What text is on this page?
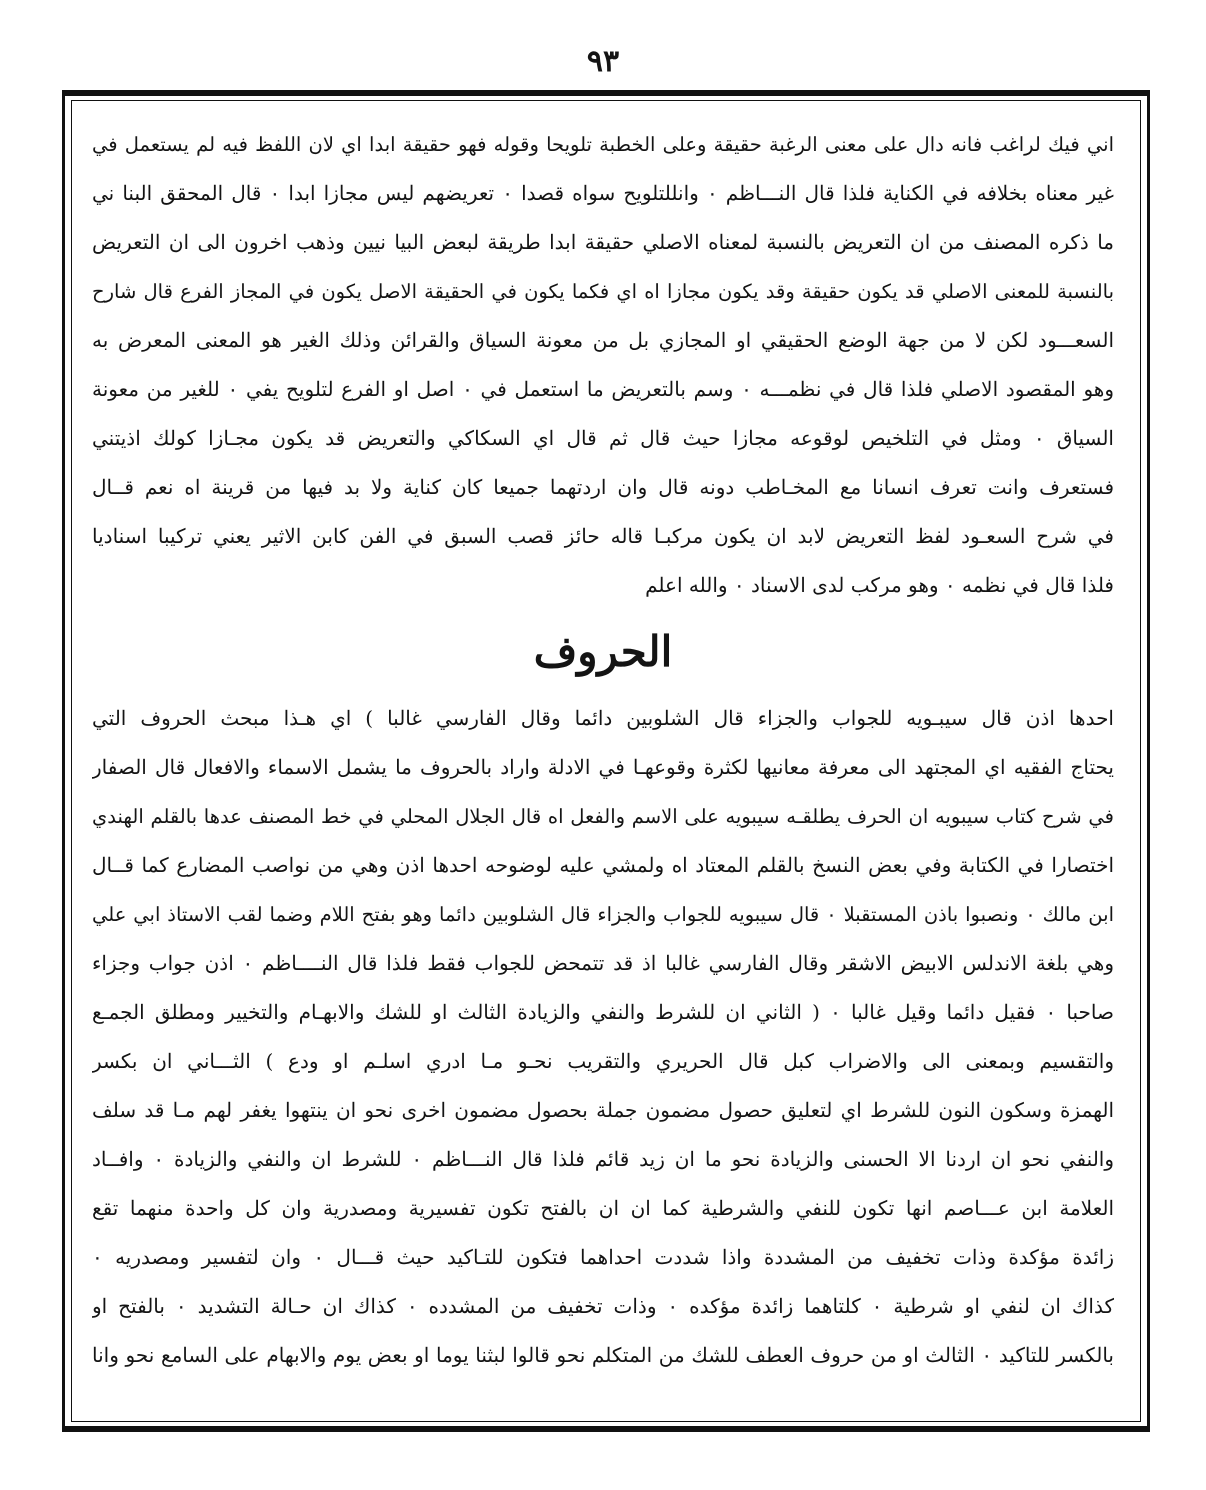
٩٣
اني فيك لراغب فانه دال على معنى الرغبة حقيقة وعلى الخطبة تلويحا وقوله فهو حقيقة ابدا اي لان اللفظ فيه لم يستعمل في
غير معناه بخلافه في الكناية فلذا قال النـــاظم ٠ وانللتلويح سواه قصدا ٠ تعريضهم ليس مجازا ابدا ٠ قال المحقق البنا ني
ما ذكره المصنف من ان التعريض بالنسبة لمعناه الاصلي حقيقة ابدا طريقة لبعض البيا نيين وذهب اخرون الى ان التعريض
بالنسبة للمعنى الاصلي قد يكون حقيقة وقد يكون مجازا اه اي فكما يكون في الحقيقة الاصل يكون في المجاز الفرع قال شارح
السعـــود لكن لا من جهة الوضع الحقيقي او المجازي بل من معونة السياق والقرائن وذلك الغير هو المعنى المعرض به
وهو المقصود الاصلي فلذا قال في نظمـــه ٠ وسم بالتعريض ما استعمل في ٠ اصل او الفرع لتلويح يفي ٠ للغير من معونة
السياق ٠ ومثل في التلخيص لوقوعه مجازا حيث قال ثم قال اي السكاكي والتعريض قد يكون مجـازا كولك اذيتني
فستعرف وانت تعرف انسانا مع المخـاطب دونه قال وان اردتهما جميعا كان كناية ولا بد فيها من قرينة اه نعم قــال
في شرح السعـود لفظ التعريض لابد ان يكون مركبـا قاله حائز قصب السبق في الفن كابن الاثير يعني تركيبا اسناديا
فلذا قال في نظمه ٠ وهو مركب لدى الاسناد ٠ والله اعلم
الحروف
احدها اذن قال سيبـويه للجواب والجزاء قال الشلوبين دائما وقال الفارسي غالبا ) اي هـذا مبحث الحروف التي
يحتاج الفقيه اي المجتهد الى معرفة معانيها لكثرة وقوعهـا في الادلة واراد بالحروف ما يشمل الاسماء والافعال قال الصفار
في شرح كتاب سيبويه ان الحرف يطلقـه سيبويه على الاسم والفعل اه قال الجلال المحلي في خط المصنف عدها بالقلم الهندي
اختصارا في الكتابة وفي بعض النسخ بالقلم المعتاد اه ولمشي عليه لوضوحه احدها اذن وهي من نواصب المضارع كما قــال
ابن مالك ٠ ونصبوا باذن المستقبلا ٠ قال سيبويه للجواب والجزاء قال الشلوبين دائما وهو بفتح اللام وضما لقب الاستاذ ابي علي
وهي بلغة الاندلس الابيض الاشقر وقال الفارسي غالبا اذ قد تتمحض للجواب فقط فلذا قال النــــاظم ٠ اذن جواب وجزاء
صاحبا ٠ فقيل دائما وقيل غالبا ٠ ( الثاني ان للشرط والنفي والزيادة الثالث او للشك والابهـام والتخيير ومطلق الجمـع
والتقسيم وبمعنى الى والاضراب كبل قال الحريري والتقريب نحـو مـا ادري اسلـم او ودع ) الثـــاني ان بكسر
الهمزة وسكون النون للشرط اي لتعليق حصول مضمون جملة بحصول مضمون اخرى نحو ان ينتهوا يغفر لهم مـا قد سلف
والنفي نحو ان اردنا الا الحسنى والزيادة نحو ما ان زيد قائم فلذا قال النـــاظم ٠ للشرط ان والنفي والزيادة ٠ وافــاد
العلامة ابن عـــاصم انها تكون للنفي والشرطية كما ان ان بالفتح تكون تفسيرية ومصدرية وان كل واحدة منهما تقع
زائدة مؤكدة وذات تخفيف من المشددة واذا شددت احداهما فتكون للتـاكيد حيث قـــال ٠ وان لتفسير ومصدريه ٠
كذاك ان لنفي او شرطية ٠ كلتاهما زائدة مؤكده ٠ وذات تخفيف من المشدده ٠ كذاك ان حـالة التشديد ٠ بالفتح او
بالكسر للتاكيد ٠ الثالث او من حروف العطف للشك من المتكلم نحو قالوا لبثنا يوما او بعض يوم والابهام على السامع نحو وانا
